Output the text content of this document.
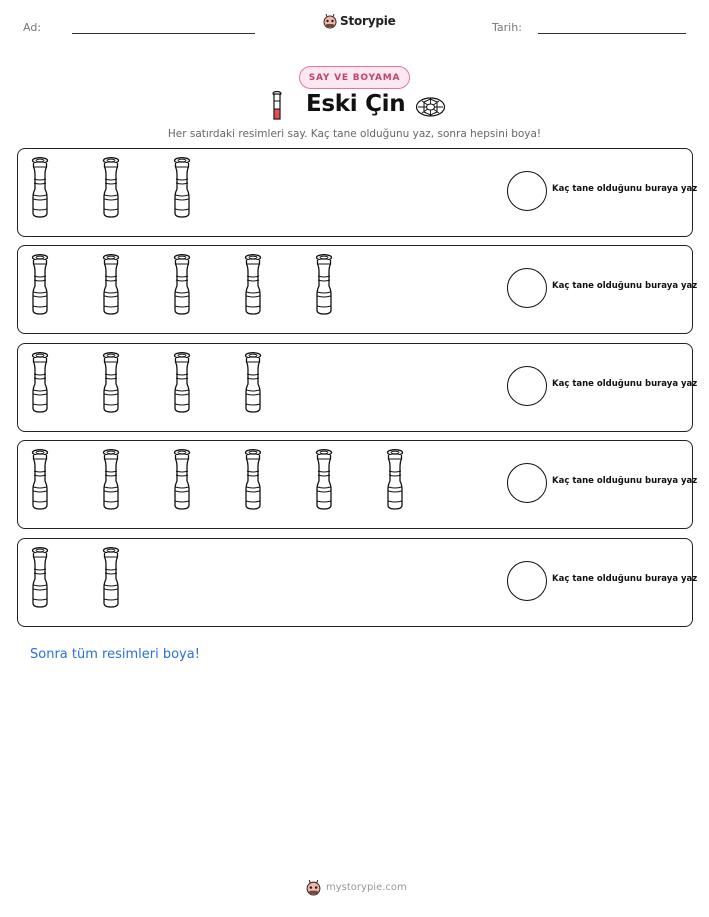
Ad:	Storypie	Tarih:
SAY VE BOYAMA
Eski Çin
Her satırdaki resimleri say. Kaç tane olduğunu yaz, sonra hepsini boya!
Kaç tane olduğunu buraya yaz
Kaç tane olduğunu buraya yaz
Kaç tane olduğunu buraya yaz
Kaç tane olduğunu buraya yaz
Kaç tane olduğunu buraya yaz
Sonra tüm resimleri boya!
mystorypie.com
